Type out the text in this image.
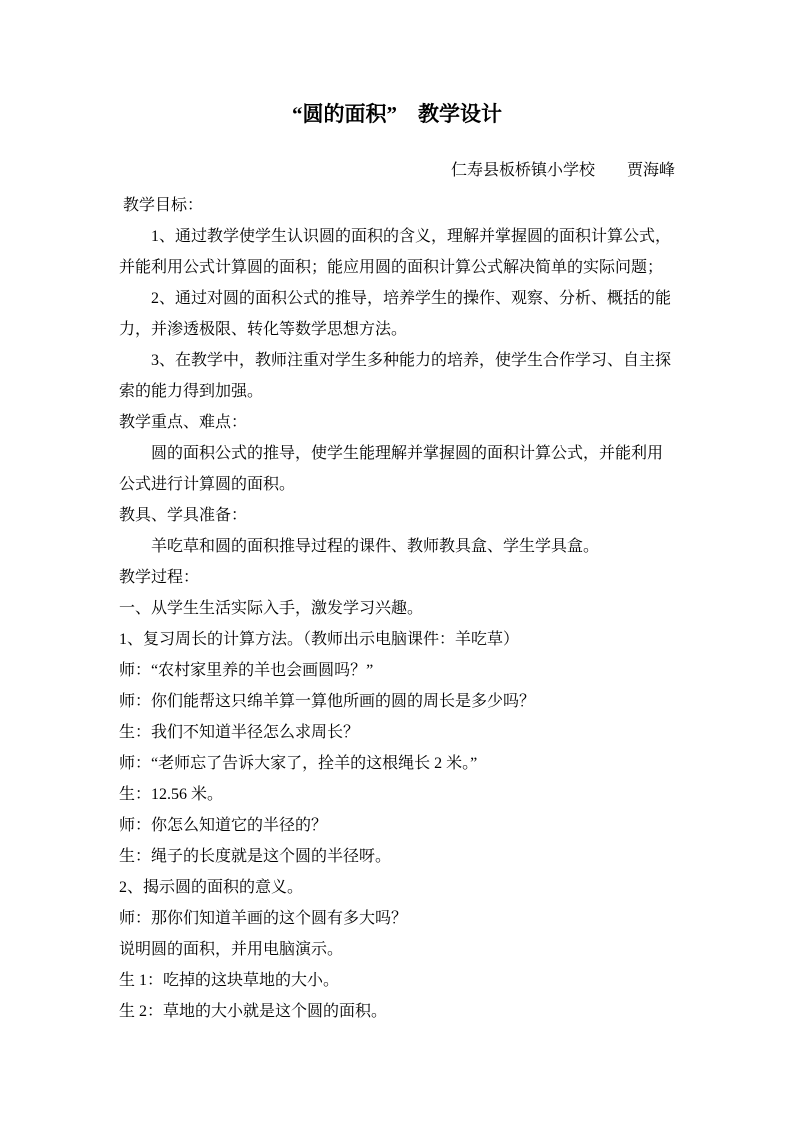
“圆的面积”　教学设计
仁寿县板桥镇小学校　　贾海峰
教学目标：
1、通过教学使学生认识圆的面积的含义，理解并掌握圆的面积计算公式，并能利用公式计算圆的面积；能应用圆的面积计算公式解决简单的实际问题；
2、通过对圆的面积公式的推导，培养学生的操作、观察、分析、概括的能力，并渗透极限、转化等数学思想方法。
3、在教学中，教师注重对学生多种能力的培养，使学生合作学习、自主探索的能力得到加强。
教学重点、难点：
圆的面积公式的推导，使学生能理解并掌握圆的面积计算公式，并能利用公式进行计算圆的面积。
教具、学具准备：
羊吃草和圆的面积推导过程的课件、教师教具盒、学生学具盒。
教学过程：
一、从学生生活实际入手，激发学习兴趣。
1、复习周长的计算方法。（教师出示电脑课件：羊吃草）
师：“农村家里养的羊也会画圆吗？”
师：你们能帮这只绵羊算一算他所画的圆的周长是多少吗？
生：我们不知道半径怎么求周长？
师：“老师忘了告诉大家了，拴羊的这根绳长 2 米。”
生：12.56 米。
师：你怎么知道它的半径的？
生：绳子的长度就是这个圆的半径呀。
2、揭示圆的面积的意义。
师：那你们知道羊画的这个圆有多大吗？
说明圆的面积，并用电脑演示。
生 1：吃掉的这块草地的大小。
生 2：草地的大小就是这个圆的面积。
